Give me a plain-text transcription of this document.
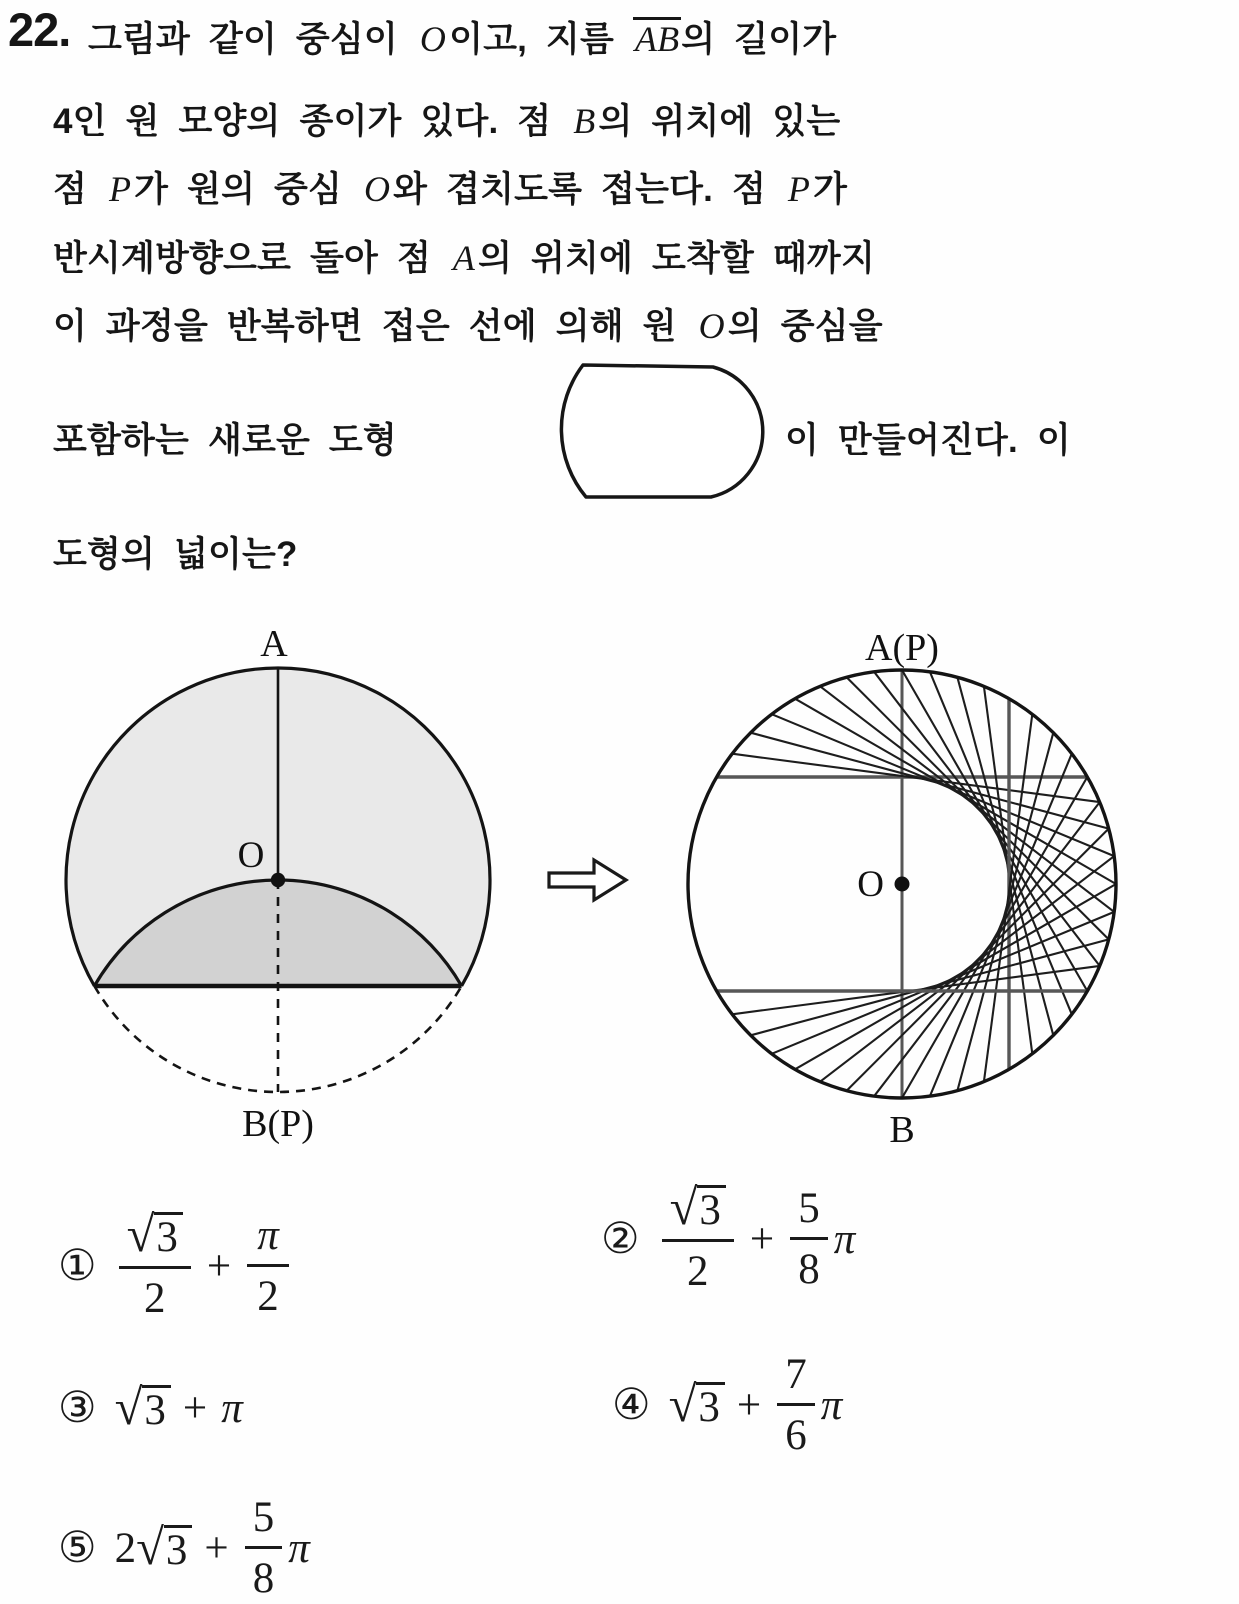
22. 그림과 같이 중심이 O이고, 지름 AB의 길이가
4인 원 모양의 종이가 있다. 점 B의 위치에 있는
점 P가 원의 중심 O와 겹치도록 접는다. 점 P가
반시계방향으로 돌아 점 A의 위치에 도착할 때까지
이 과정을 반복하면 접은 선에 의해 원 O의 중심을
포함하는 새로운 도형	이 만들어진다. 이
도형의 넓이는?
A
O
B(P)
A(P)
O
B
① $\frac{√ 3}{2} + \frac{\pi}{2}$	② $\frac{√ 3}{2} + \frac{5}{8}$ π
③ √ 3 + π	④ √ $3 + \frac{7}{6}$ π
⑤ 2 √ $3 + \frac{5}{8}$ π
